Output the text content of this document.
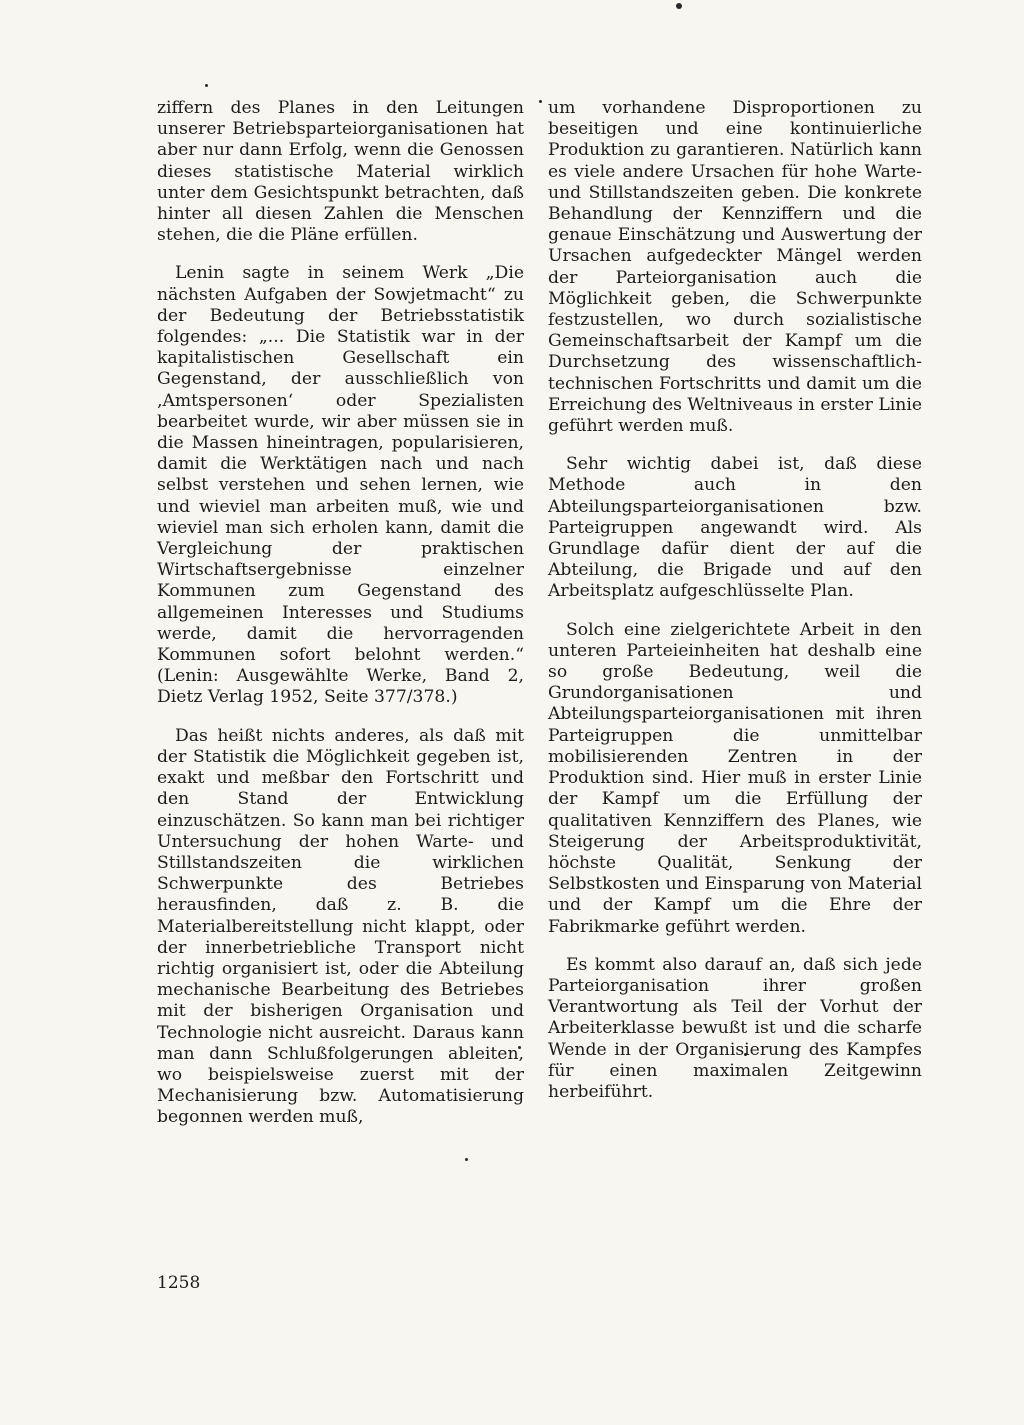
ziffern des Planes in den Leitungen unserer Betriebsparteiorganisationen hat aber nur dann Erfolg, wenn die Genossen dieses statistische Material wirklich unter dem Gesichtspunkt betrachten, daß hinter all diesen Zahlen die Menschen stehen, die die Pläne erfüllen.

Lenin sagte in seinem Werk „Die nächsten Aufgaben der Sowjetmacht“ zu der Bedeutung der Betriebsstatistik folgendes: „... Die Statistik war in der kapitalistischen Gesellschaft ein Gegenstand, der ausschließlich von ‚Amtspersonen‘ oder Spezialisten bearbeitet wurde, wir aber müssen sie in die Massen hineintragen, popularisieren, damit die Werktätigen nach und nach selbst verstehen und sehen lernen, wie und wieviel man arbeiten muß, wie und wieviel man sich erholen kann, damit die Vergleichung der praktischen Wirtschaftsergebnisse einzelner Kommunen zum Gegenstand des allgemeinen Interesses und Studiums werde, damit die hervorragenden Kommunen sofort belohnt werden.“ (Lenin: Ausgewählte Werke, Band 2, Dietz Verlag 1952, Seite 377/378.)

Das heißt nichts anderes, als daß mit der Statistik die Möglichkeit gegeben ist, exakt und meßbar den Fortschritt und den Stand der Entwicklung einzuschätzen. So kann man bei richtiger Untersuchung der hohen Warte- und Stillstandszeiten die wirklichen Schwerpunkte des Betriebes herausfinden, daß z. B. die Materialbereitstellung nicht klappt, oder der innerbetriebliche Transport nicht richtig organisiert ist, oder die Abteilung mechanische Bearbeitung des Betriebes mit der bisherigen Organisation und Technologie nicht ausreicht. Daraus kann man dann Schlußfolgerungen ableiten, wo beispielsweise zuerst mit der Mechanisierung bzw. Automatisierung begonnen werden muß,

um vorhandene Disproportionen zu beseitigen und eine kontinuierliche Produktion zu garantieren. Natürlich kann es viele andere Ursachen für hohe Warte- und Stillstandszeiten geben. Die konkrete Behandlung der Kennziffern und die genaue Einschätzung und Auswertung der Ursachen aufgedeckter Mängel werden der Parteiorganisation auch die Möglichkeit geben, die Schwerpunkte festzustellen, wo durch sozialistische Gemeinschaftsarbeit der Kampf um die Durchsetzung des wissenschaftlich-technischen Fortschritts und damit um die Erreichung des Weltniveaus in erster Linie geführt werden muß.

Sehr wichtig dabei ist, daß diese Methode auch in den Abteilungsparteiorganisationen bzw. Parteigruppen angewandt wird. Als Grundlage dafür dient der auf die Abteilung, die Brigade und auf den Arbeitsplatz aufgeschlüsselte Plan.

Solch eine zielgerichtete Arbeit in den unteren Parteieinheiten hat deshalb eine so große Bedeutung, weil die Grundorganisationen und Abteilungsparteiorganisationen mit ihren Parteigruppen die unmittelbar mobilisierenden Zentren in der Produktion sind. Hier muß in erster Linie der Kampf um die Erfüllung der qualitativen Kennziffern des Planes, wie Steigerung der Arbeitsproduktivität, höchste Qualität, Senkung der Selbstkosten und Einsparung von Material und der Kampf um die Ehre der Fabrikmarke geführt werden.

Es kommt also darauf an, daß sich jede Parteiorganisation ihrer großen Verantwortung als Teil der Vorhut der Arbeiterklasse bewußt ist und die scharfe Wende in der Organisierung des Kampfes für einen maximalen Zeitgewinn herbeiführt.

1258
